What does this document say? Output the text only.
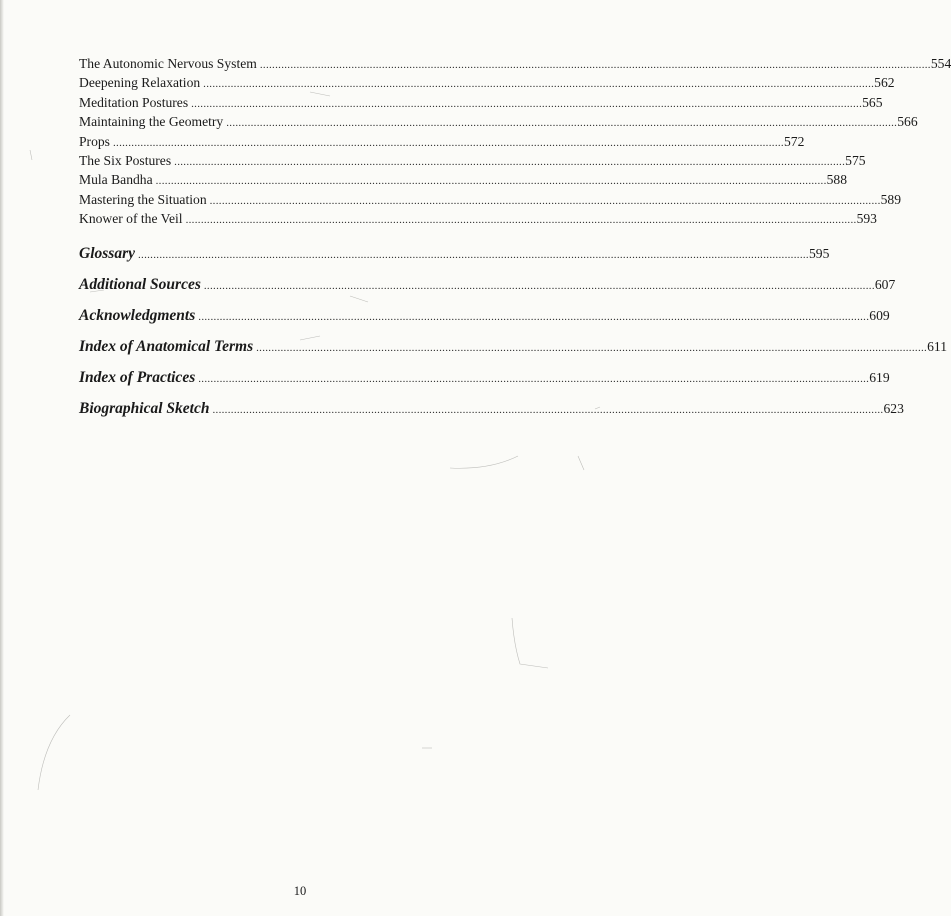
The Autonomic Nervous System ............................................................................................................................................................................................................................ 554
Deepening Relaxation ............................................................................................................................................................................................................................ 562
Meditation Postures ............................................................................................................................................................................................................................ 565
Maintaining the Geometry ............................................................................................................................................................................................................................ 566
Props ............................................................................................................................................................................................................................ 572
The Six Postures ............................................................................................................................................................................................................................ 575
Mula Bandha ............................................................................................................................................................................................................................ 588
Mastering the Situation ............................................................................................................................................................................................................................ 589
Knower of the Veil ............................................................................................................................................................................................................................ 593
Glossary ............................................................................................................................................................................................................................ 595
Additional Sources ............................................................................................................................................................................................................................ 607
Acknowledgments ............................................................................................................................................................................................................................ 609
Index of Anatomical Terms ............................................................................................................................................................................................................................ 611
Index of Practices ............................................................................................................................................................................................................................ 619
Biographical Sketch ............................................................................................................................................................................................................................ 623
10
